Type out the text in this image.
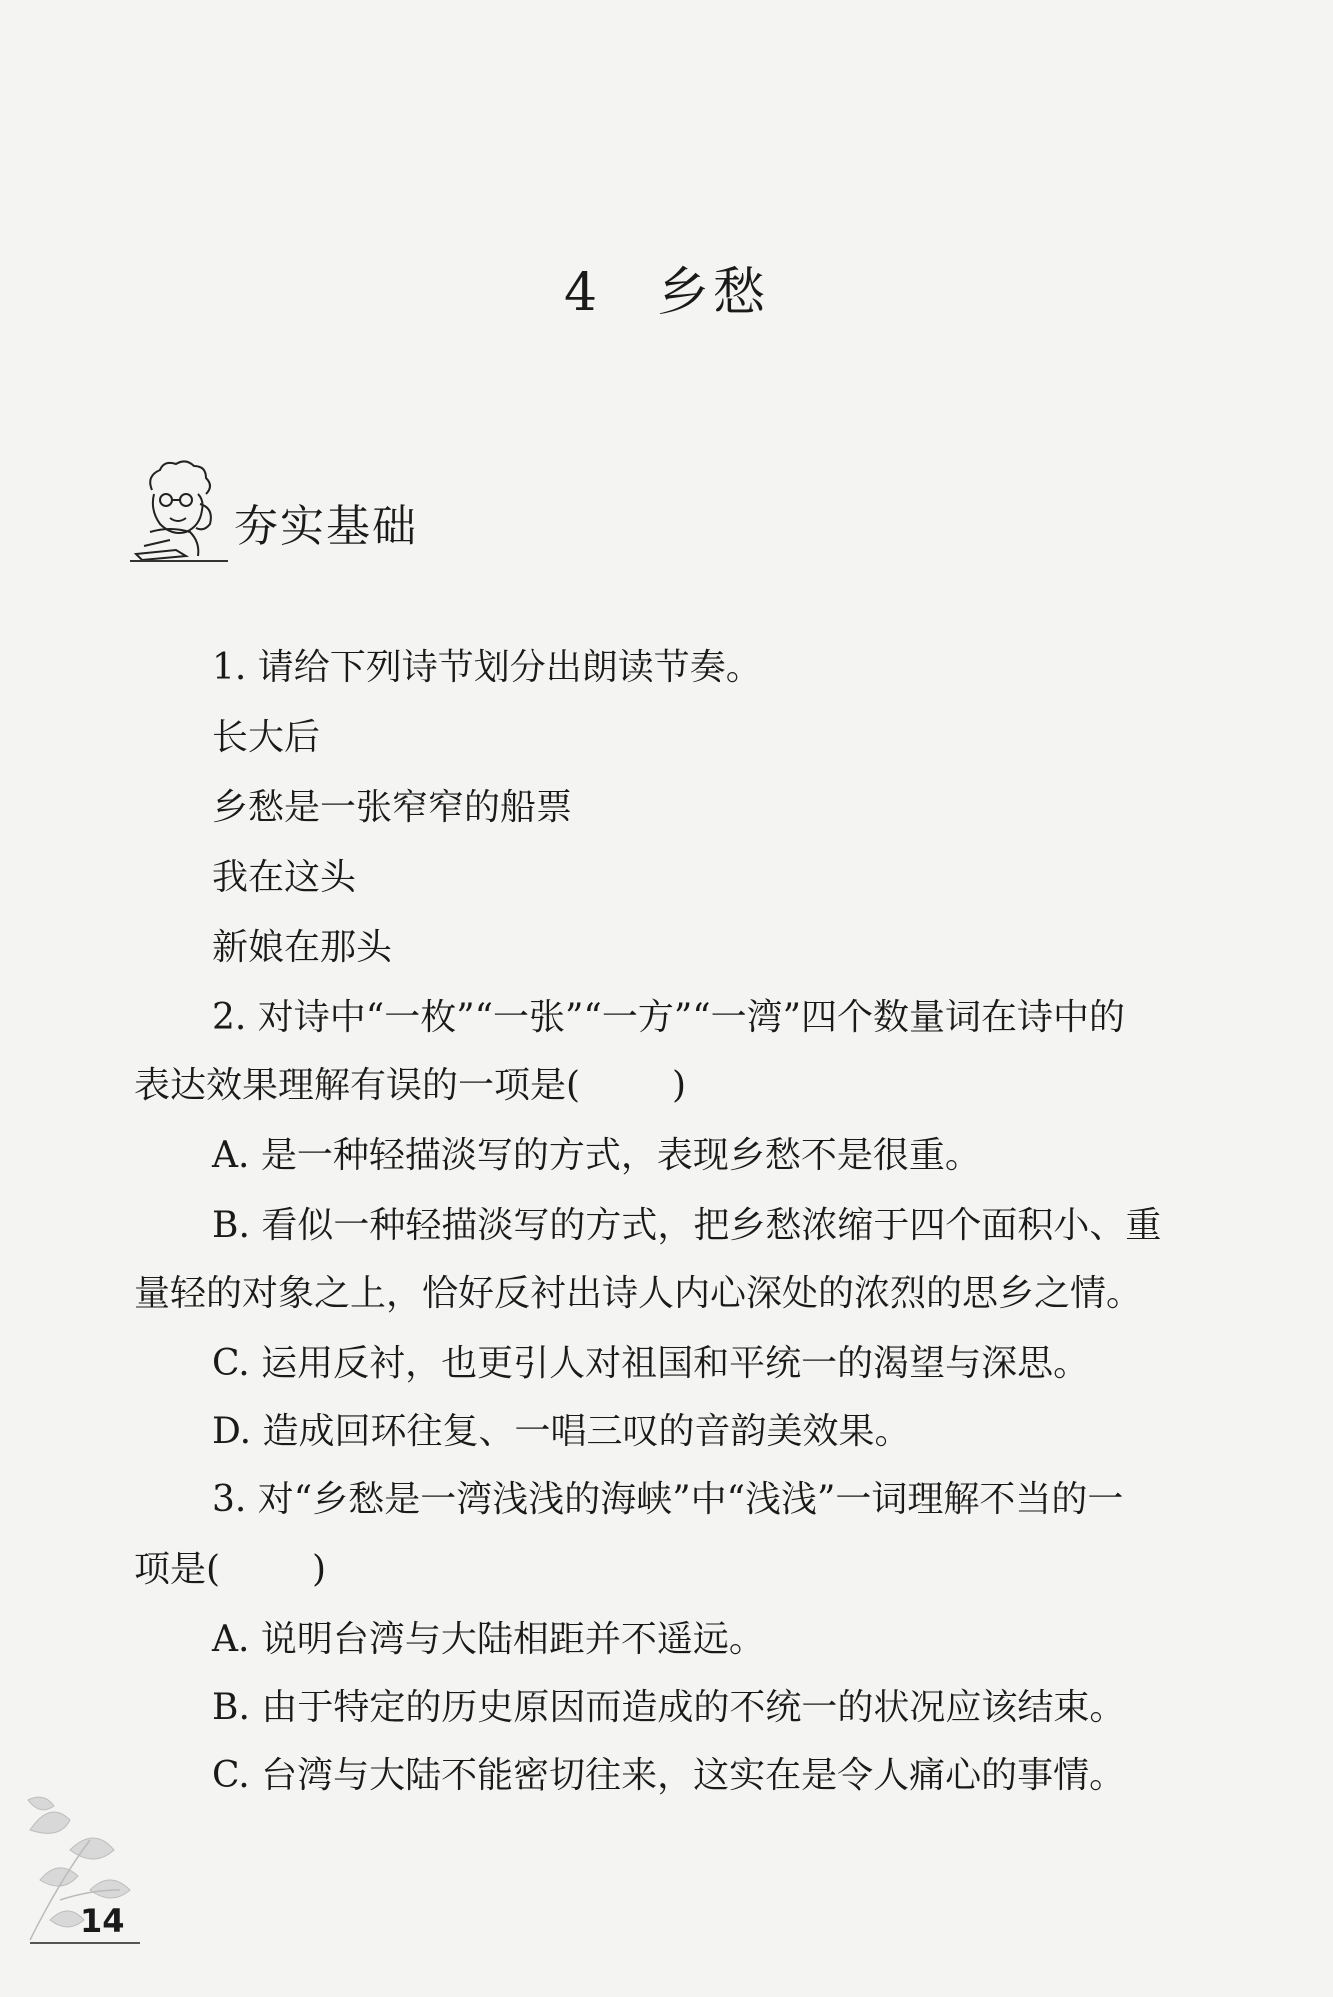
4 乡愁
夯实基础
1. 请给下列诗节划分出朗读节奏。
长大后
乡愁是一张窄窄的船票
我在这头
新娘在那头
2. 对诗中“一枚”“一张”“一方”“一湾”四个数量词在诗中的
表达效果理解有误的一项是(	)
A. 是一种轻描淡写的方式，表现乡愁不是很重。
B. 看似一种轻描淡写的方式，把乡愁浓缩于四个面积小、重
量轻的对象之上，恰好反衬出诗人内心深处的浓烈的思乡之情。
C. 运用反衬，也更引人对祖国和平统一的渴望与深思。
D. 造成回环往复、一唱三叹的音韵美效果。
3. 对“乡愁是一湾浅浅的海峡”中“浅浅”一词理解不当的一
项是(	)
A. 说明台湾与大陆相距并不遥远。
B. 由于特定的历史原因而造成的不统一的状况应该结束。
C. 台湾与大陆不能密切往来，这实在是令人痛心的事情。
14
